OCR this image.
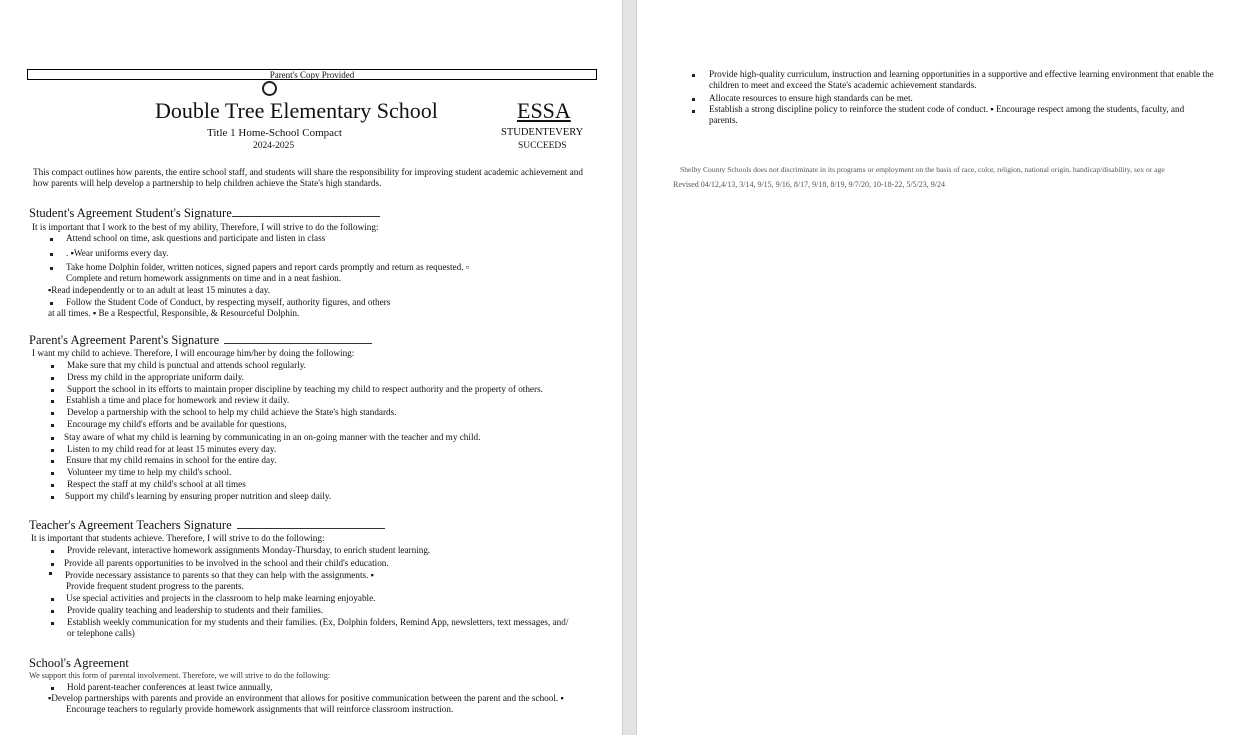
Parent's Copy Provided
Double Tree Elementary School
Title 1 Home-School Compact
2024-2025
ESSA
STUDENTEVERY
SUCCEEDS
This compact outlines how parents, the entire school staff, and students will share the responsibility for improving student academic achievement and how parents will help develop a partnership to help children achieve the State's high standards.
Student's Agreement Student's Signature
It is important that I work to the best of my ability, Therefore, I will strive to do the following:
Attend school on time, ask questions and participate and listen in class
. ▪Wear uniforms every day.
Take home Dolphin folder, written notices, signed papers and report cards promptly and return as requested. ▫
Complete and return homework assignments on time and in a neat fashion.
▪Read independently or to an adult at least 15 minutes a day.
Follow the Student Code of Conduct, by respecting myself, authority figures, and others
at all times. ▪ Be a Respectful, Responsible, & Resourceful Dolphin.
Parent's Agreement Parent's Signature
I want my child to achieve. Therefore, I will encourage him/her by doing the following:
Make sure that my child is punctual and attends school regularly.
Dress my child in the appropriate uniform daily.
Support the school in its efforts to maintain proper discipline by teaching my child to respect authority and the property of others.
Establish a time and place for homework and review it daily.
Develop a partnership with the school to help my child achieve the State's high standards.
Encourage my child's efforts and be available for questions,
Stay aware of what my child is learning by communicating in an on-going manner with the teacher and my child.
Listen to my child read for at least 15 minutes every day.
Ensure that my child remains in school for the entire day.
Volunteer my time to help my child's school.
Respect the staff at my child's school at all times
Support my child's learning by ensuring proper nutrition and sleep daily.
Teacher's Agreement Teachers Signature
It is important that students achieve. Therefore, I will strive to do the following:
Provide relevant, interactive homework assignments Monday-Thursday, to enrich student learning.
Provide all parents opportunities to be involved in the school and their child's education.
Provide necessary assistance to parents so that they can help with the assignments. ▪
Provide frequent student progress to the parents.
Use special activities and projects in the classroom to help make learning enjoyable.
Provide quality teaching and leadership to students and their families.
Establish weekly communication for my students and their families. (Ex, Dolphin folders, Remind App, newsletters, text messages, and/
or telephone calls)
School's Agreement
We support this form of parental involvement. Therefore, we will strive to do the following:
Hold parent-teacher conferences at least twice annually,
▪Develop partnerships with parents and provide an environment that allows for positive communication between the parent and the school. ▪
Encourage teachers to regularly provide homework assignments that will reinforce classroom instruction.
Provide high-quality curriculum, instruction and learning opportunities in a supportive and effective learning environment that enable the children to meet and exceed the State's academic achievement standards.
Allocate resources to ensure high standards can be met.
Establish a strong discipline policy to reinforce the student code of conduct. ▪ Encourage respect among the students, faculty, and parents.
Shelby County Schools does not discriminate in its programs or employment on the basis of race, color, religion, national origin, handicap/disability, sex or age
Revised 04/12,4/13, 3/14, 9/15, 9/16, 8/17, 9/18, 8/19, 9/7/20, 10-18-22, 5/5/23, 9/24
